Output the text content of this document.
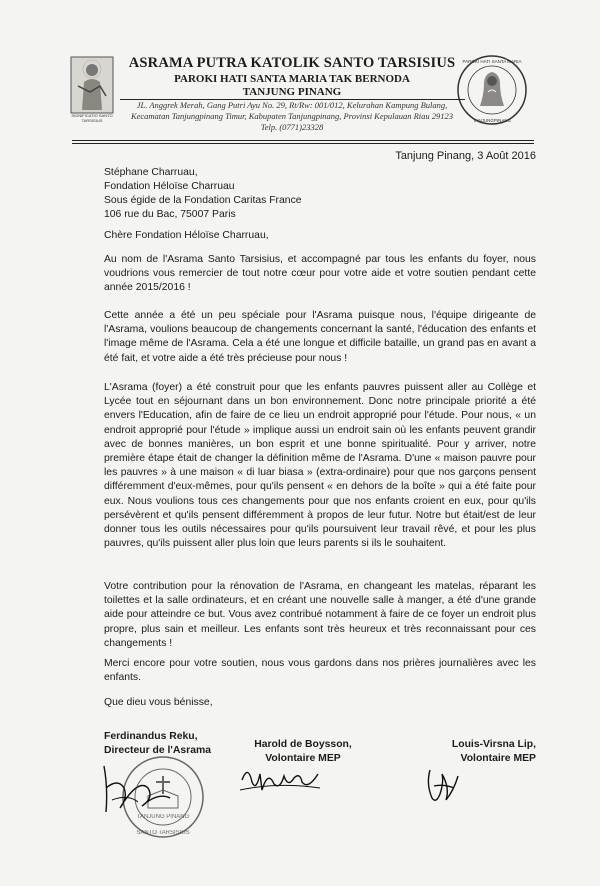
SIGNIFICATIO SANTO TARSISIUS
PAROKI HATI SANTA MARIA
TANJUNGPINANG
ASRAMA PUTRA KATOLIK SANTO TARSISIUS
PAROKI HATI SANTA MARIA TAK BERNODA
TANJUNG PINANG
JL. Anggrek Merah, Gang Putri Ayu No. 29, Rt/Rw: 001/012, Kelurahan Kampung Bulang,
Kecamatan Tanjungpinang Timur, Kabupaten Tanjungpinang, Provinsi Kepulauan Riau 29123
Telp. (0771)23328
Tanjung Pinang, 3 Août 2016
Stéphane Charruau,
Fondation Héloïse Charruau
Sous égide de la Fondation Caritas France
106 rue du Bac, 75007 Paris
Chère Fondation Héloïse Charruau,
Au nom de l'Asrama Santo Tarsisius, et accompagné par tous les enfants du foyer, nous voudrions vous remercier de tout notre cœur pour votre aide et votre soutien pendant cette année 2015/2016 !
Cette année a été un peu spéciale pour l'Asrama puisque nous, l'équipe dirigeante de l'Asrama, voulions beaucoup de changements concernant la santé, l'éducation des enfants et l'image même de l'Asrama. Cela a été une longue et difficile bataille, un grand pas en avant a été fait, et votre aide a été très précieuse pour nous !
L'Asrama (foyer) a été construit pour que les enfants pauvres puissent aller au Collège et Lycée tout en séjournant dans un bon environnement. Donc notre principale priorité a été envers l'Education, afin de faire de ce lieu un endroit approprié pour l'étude. Pour nous, « un endroit approprié pour l'étude » implique aussi un endroit sain où les enfants peuvent grandir avec de bonnes manières, un bon esprit et une bonne spiritualité. Pour y arriver, notre première étape était de changer la définition même de l'Asrama. D'une « maison pauvre pour les pauvres » à une maison « di luar biasa » (extra-ordinaire) pour que nos garçons pensent différemment d'eux-mêmes, pour qu'ils pensent « en dehors de la boîte » qui a été faite pour eux. Nous voulions tous ces changements pour que nos enfants croient en eux, pour qu'ils persévèrent et qu'ils pensent différemment à propos de leur futur. Notre but était/est de leur donner tous les outils nécessaires pour qu'ils poursuivent leur travail rêvé, et pour les plus pauvres, qu'ils puissent aller plus loin que leurs parents si ils le souhaitent.
Votre contribution pour la rénovation de l'Asrama, en changeant les matelas, réparant les toilettes et la salle ordinateurs, et en créant une nouvelle salle à manger, a été d'une grande aide pour atteindre ce but. Vous avez contribué notamment à faire de ce foyer un endroit plus propre, plus sain et meilleur. Les enfants sont très heureux et très reconnaissant pour ces changements !
Merci encore pour votre soutien, nous vous gardons dans nos prières journalières avec les enfants.
Que dieu vous bénisse,
TANJUNG PINANG
SANTO TARSISIUS
Ferdinandus Reku,
Directeur de l'Asrama
Harold de Boysson,
Volontaire MEP
Louis-Virsna Lip,
Volontaire MEP
